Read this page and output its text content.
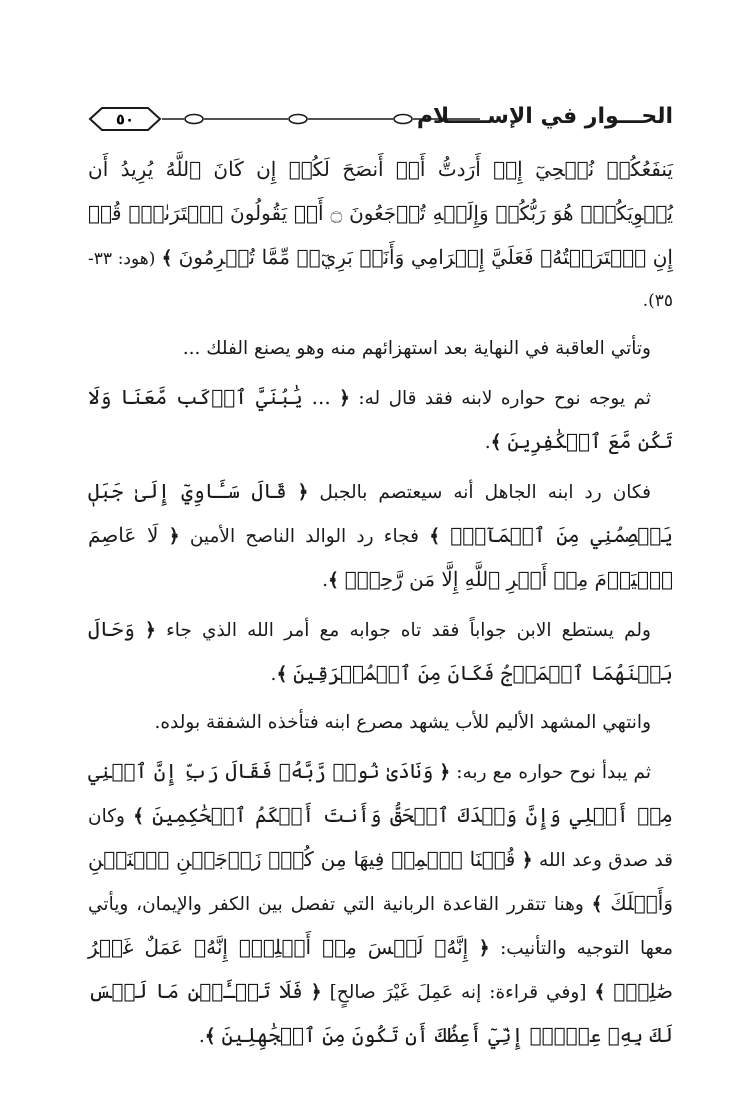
٥٠	الحـــوار في الإســـــلام

يَنفَعُكُمۡ نُصۡحِيٓ إِنۡ أَرَدتُّ أَنۡ أَنصَحَ لَكُمۡ إِن كَانَ ٱللَّهُ يُرِيدُ أَن يُغۡوِيَكُمۡۚ هُوَ رَبُّكُمۡ وَإِلَيۡهِ تُرۡجَعُونَ ۝ أَمۡ يَقُولُونَ ٱفۡتَرَىٰهُۖ قُلۡ إِنِ ٱفۡتَرَيۡتُهُۥ فَعَلَيَّ إِجۡرَامِي وَأَنَا۠ بَرِيٓءٞ مِّمَّا تُجۡرِمُونَ ﴾ (هود: ٣٣- ٣٥).

وتأتي العاقبة في النهاية بعد استهزائهم منه وهو يصنع الفلك ...

ثم يوجه نوح حواره لابنه فقد قال له: ﴿ ... يَٰبُنَيَّ ٱرۡكَب مَّعَنَا وَلَا تَكُن مَّعَ ٱلۡكَٰفِرِينَ ﴾.

فكان رد ابنه الجاهل أنه سيعتصم بالجبل ﴿ قَالَ سَـَٔاوِيٓ إِلَىٰ جَبَلٖ يَعۡصِمُنِي مِنَ ٱلۡمَآءِۚ ﴾ فجاء رد الوالد الناصح الأمين ﴿ لَا عَاصِمَ ٱلۡيَوۡمَ مِنۡ أَمۡرِ ٱللَّهِ إِلَّا مَن رَّحِمَۚ ﴾.

ولم يستطع الابن جواباً فقد تاه جوابه مع أمر الله الذي جاء ﴿ وَحَالَ بَيۡنَهُمَا ٱلۡمَوۡجُ فَكَانَ مِنَ ٱلۡمُغۡرَقِينَ ﴾.

وانتهي المشهد الأليم للأب يشهد مصرع ابنه فتأخذه الشفقة بولده.

ثم يبدأ نوح حواره مع ربه: ﴿ وَنَادَىٰ نُوحٞ رَّبَّهُۥ فَقَالَ رَبِّ إِنَّ ٱبۡنِي مِنۡ أَهۡلِي وَإِنَّ وَعۡدَكَ ٱلۡحَقُّ وَأَنتَ أَحۡكَمُ ٱلۡحَٰكِمِينَ ﴾ وكان قد صدق وعد الله ﴿ قُلۡنَا ٱحۡمِلۡ فِيهَا مِن كُلّٖ زَوۡجَيۡنِ ٱثۡنَيۡنِ وَأَهۡلَكَ ﴾ وهنا تتقرر القاعدة الربانية التي تفصل بين الكفر والإيمان، ويأتي معها التوجيه والتأنيب: ﴿ إِنَّهُۥ لَيۡسَ مِنۡ أَهۡلِكَۖ إِنَّهُۥ عَمَلٌ غَيۡرُ صَٰلِحٖۖ ﴾ [وفي قراءة: إنه عَمِلَ غَيْرَ صالحٍ] ﴿ فَلَا تَسۡـَٔلۡنِ مَا لَيۡسَ لَكَ بِهِۦ عِلۡمٌۖ إِنِّيٓ أَعِظُكَ أَن تَكُونَ مِنَ ٱلۡجَٰهِلِينَ ﴾.
